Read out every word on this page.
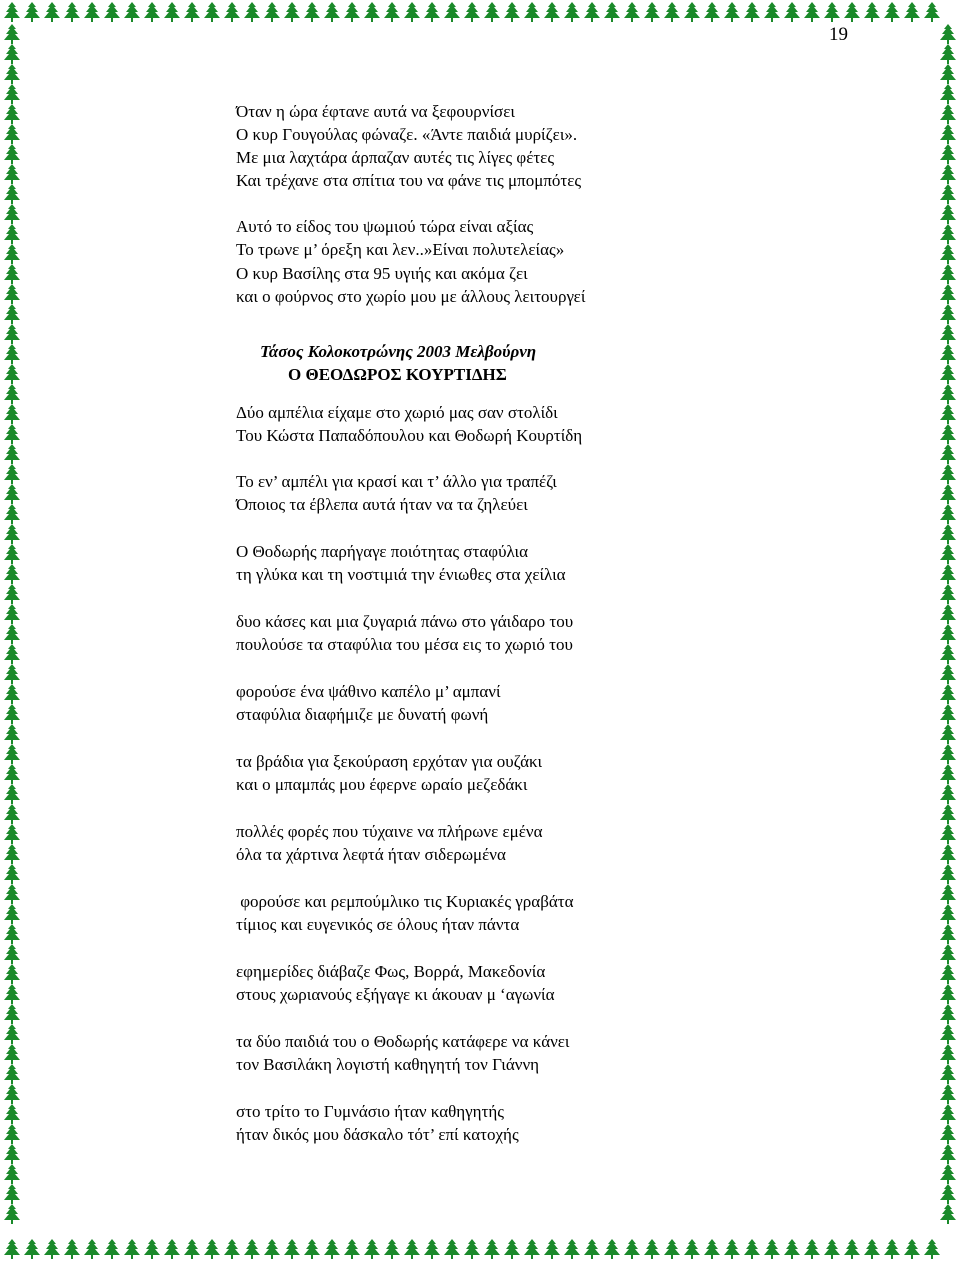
19
Όταν η ώρα έφτανε αυτά να ξεφουρνίσει
Ο κυρ Γουγούλας φώναζε. «Άντε παιδιά μυρίζει».
Με μια λαχτάρα άρπαζαν αυτές τις λίγες φέτες
Και τρέχανε στα σπίτια του να φάνε τις μπομπότες
Αυτό το είδος του ψωμιού τώρα είναι αξίας
Το τρωνε μ’ όρεξη και λεν..»Είναι πολυτελείας»
Ο κυρ Βασίλης στα 95 υγιής και ακόμα ζει
και ο φούρνος στο χωρίο μου με άλλους λειτουργεί
Δύο αμπέλια είχαμε στο χωριό μας σαν στολίδι
Του Κώστα Παπαδόπουλου και Θοδωρή Κουρτίδη
Το εν’ αμπέλι για κρασί και τ’ άλλο για τραπέζι
Όποιος τα έβλεπα αυτά ήταν να τα ζηλεύει
Ο Θοδωρής παρήγαγε ποιότητας σταφύλια
τη γλύκα και τη νοστιμιά την ένιωθες στα χείλια
δυο κάσες και μια ζυγαριά πάνω στο γάιδαρο του
πουλούσε τα σταφύλια του μέσα εις το χωριό του
φορούσε ένα ψάθινο καπέλο μ’ αμπανί
σταφύλια διαφήμιζε με δυνατή φωνή
τα βράδια για ξεκούραση ερχόταν για ουζάκι
και ο μπαμπάς μου έφερνε ωραίο μεζεδάκι
πολλές φορές που τύχαινε να πλήρωνε εμένα
όλα τα χάρτινα λεφτά ήταν σιδερωμένα
φορούσε και ρεμπούμλικο τις Κυριακές γραβάτα
τίμιος και ευγενικός σε όλους ήταν πάντα
εφημερίδες διάβαζε Φως, Βορρά, Μακεδονία
στους χωριανούς εξήγαγε κι άκουαν μ ‘αγωνία
τα δύο παιδιά του ο Θοδωρής κατάφερε να κάνει
τον Βασιλάκη λογιστή καθηγητή τον Γιάννη
στο τρίτο το Γυμνάσιο ήταν καθηγητής
ήταν δικός μου δάσκαλο τότ’ επί κατοχής
Τάσος Κολοκοτρώνης 2003 Μελβούρνη
Ο ΘΕΟΔΩΡΟΣ ΚΟΥΡΤΙΔΗΣ
